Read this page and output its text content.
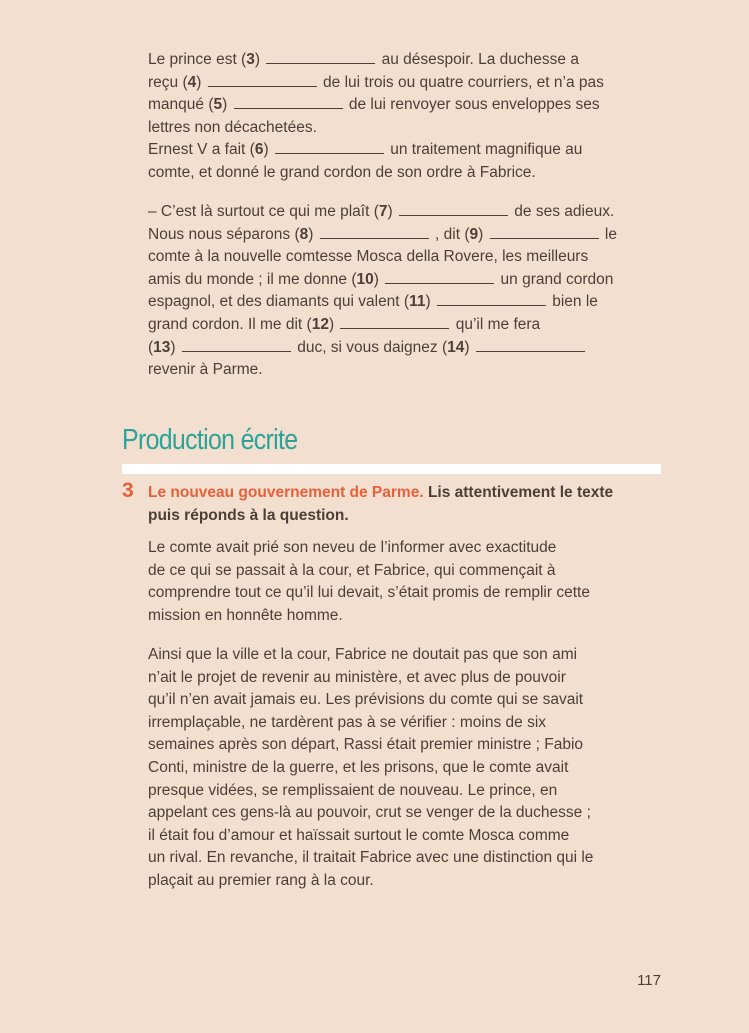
Le prince est (3)	au désespoir. La duchesse a
reçu (4)	de lui trois ou quatre courriers, et n’a pas
manqué (5)	de lui renvoyer sous enveloppes ses
lettres non décachetées.
Ernest V a fait (6)	un traitement magnifique au
comte, et donné le grand cordon de son ordre à Fabrice.
– C’est là surtout ce qui me plaît (7)	de ses adieux.
Nous nous séparons (8)	, dit (9)	le
comte à la nouvelle comtesse Mosca della Rovere, les meilleurs
amis du monde ; il me donne (10)	un grand cordon
espagnol, et des diamants qui valent (11)	bien le
grand cordon. Il me dit (12)	qu’il me fera
(13)	duc, si vous daignez (14)
revenir à Parme.
Production écrite
3 Le nouveau gouvernement de Parme. Lis attentivement le texte
puis réponds à la question.
Le comte avait prié son neveu de l’informer avec exactitude
de ce qui se passait à la cour, et Fabrice, qui commençait à
comprendre tout ce qu’il lui devait, s’était promis de remplir cette
mission en honnête homme.
Ainsi que la ville et la cour, Fabrice ne doutait pas que son ami
n’ait le projet de revenir au ministère, et avec plus de pouvoir
qu’il n’en avait jamais eu. Les prévisions du comte qui se savait
irremplaçable, ne tardèrent pas à se vérifier : moins de six
semaines après son départ, Rassi était premier ministre ; Fabio
Conti, ministre de la guerre, et les prisons, que le comte avait
presque vidées, se remplissaient de nouveau. Le prince, en
appelant ces gens-là au pouvoir, crut se venger de la duchesse ;
il était fou d’amour et haïssait surtout le comte Mosca comme
un rival. En revanche, il traitait Fabrice avec une distinction qui le
plaçait au premier rang à la cour.
117
